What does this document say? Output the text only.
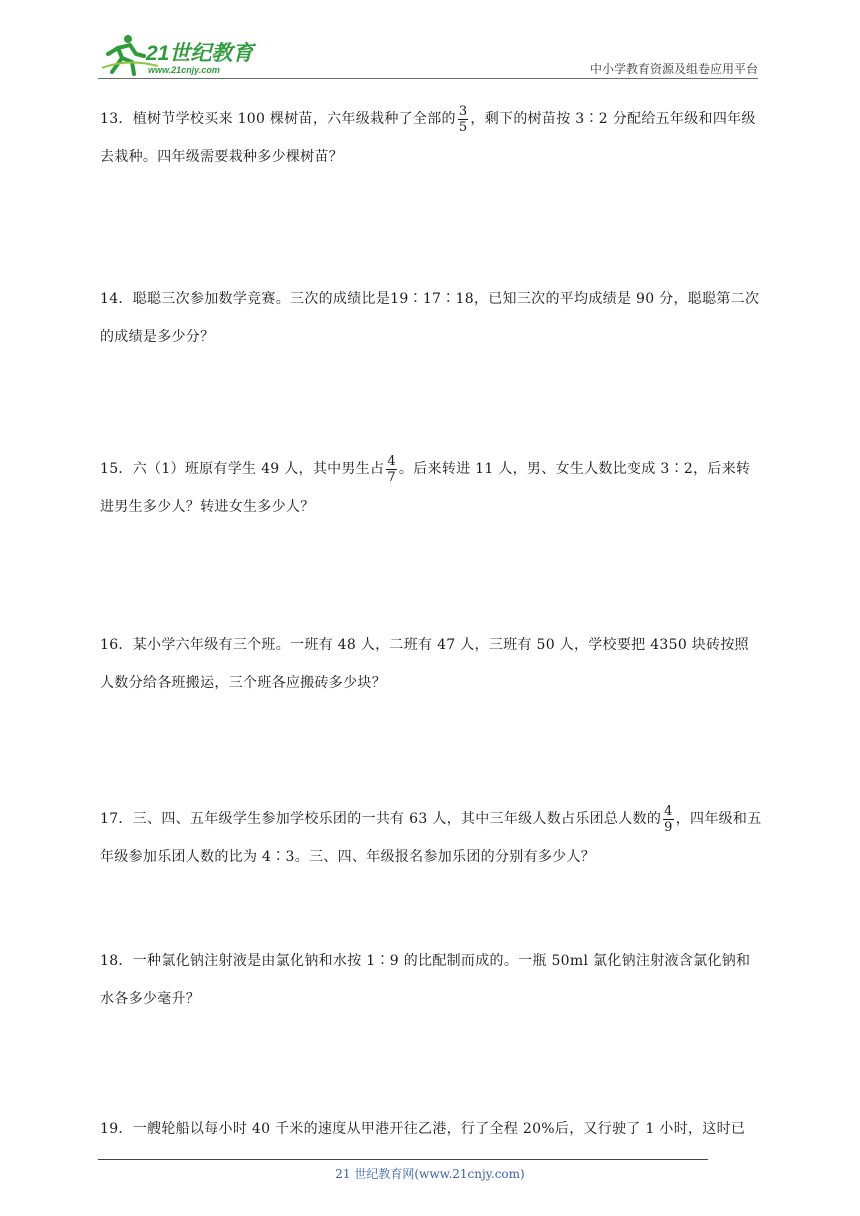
21世纪教育
www.21cnjy.com	中小学教育资源及组卷应用平台
13．植树节学校买来 100 棵树苗，六年级栽种了全部的 $\frac{3}{5}$ ，剩下的树苗按 3∶2 分配给五年级和四年级去栽种。四年级需要栽种多少棵树苗？
14．聪聪三次参加数学竞赛。三次的成绩比是19∶17∶18，已知三次的平均成绩是 90 分，聪聪第二次的成绩是多少分？
15．六（1）班原有学生 49 人，其中男生占 $\frac{4}{7}$ 。后来转进 11 人，男、女生人数比变成 3∶2，后来转进男生多少人？转进女生多少人？
16．某小学六年级有三个班。一班有 48 人，二班有 47 人，三班有 50 人，学校要把 4350 块砖按照人数分给各班搬运，三个班各应搬砖多少块？
17．三、四、五年级学生参加学校乐团的一共有 63 人，其中三年级人数占乐团总人数的 $\frac{4}{9}$ ，四年级和五年级参加乐团人数的比为 4∶3。三、四、年级报名参加乐团的分别有多少人？
18．一种氯化钠注射液是由氯化钠和水按 1∶9 的比配制而成的。一瓶 50ml 氯化钠注射液含氯化钠和水各多少毫升？
19．一艘轮船以每小时 40 千米的速度从甲港开往乙港，行了全程 20%后，又行驶了 1 小时，这时已
21 世纪教育网(www.21cnjy.com)
